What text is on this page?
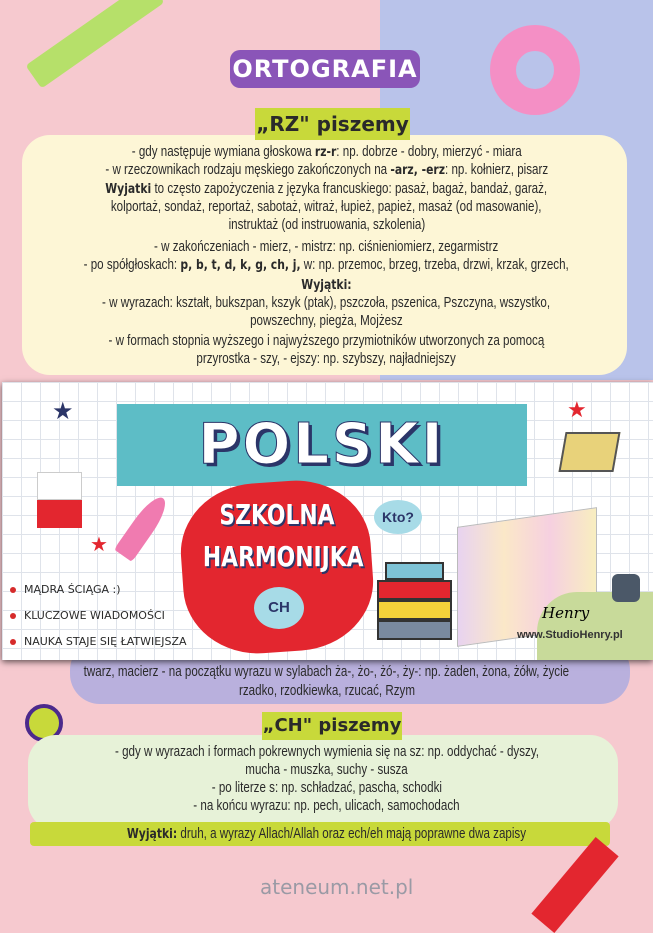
ORTOGRAFIA
„RZ" piszemy
- gdy następuje wymiana głoskowa rz-r: np. dobrze - dobry, mierzyć - miara
- w rzeczownikach rodzaju męskiego zakończonych na -arz, -erz: np. kołnierz, pisarz
Wyjatki to często zapożyczenia z języka francuskiego: pasaż, bagaż, bandaż, garaż,
kolportaż, sondaż, reportaż, sabotaż, witraż, łupież, papież, masaż (od masowanie),
instruktaż (od instruowania, szkolenia)
- w zakończeniach - mierz, - mistrz: np. ciśnieniomierz, zegarmistrz
- po spółgłoskach: p, b, t, d, k, g, ch, j, w: np. przemoc, brzeg, trzeba, drzwi, krzak, grzech,
Wyjątki:
- w wyrazach: kształt, bukszpan, kszyk (ptak), pszczoła, pszenica, Pszczyna, wszystko,
powszechny, piegża, Mojżesz
- w formach stopnia wyższego i najwyższego przymiotników utworzonych za pomocą
przyrostka - szy, - ejszy: np. szybszy, najładniejszy
twarz, macierz - na początku wyrazu w sylabach ża-, żo-, żó-, ży-: np. żaden, żona, żółw, życie
rzadko, rzodkiewka, rzucać, Rzym
POLSKI
SZKOLNA
HARMONIJKA
Kto?
CH	Henry
www.StudioHenry.pl
MĄDRA ŚCIĄGA :)
KLUCZOWE WIADOMOŚCI
NAUKA STAJE SIĘ ŁATWIEJSZA
★	★
★
„CH" piszemy
- gdy w wyrazach i formach pokrewnych wymienia się na sz: np. oddychać - dyszy,
mucha - muszka, suchy - susza
- po literze s: np. schładzać, pascha, schodki
- na końcu wyrazu: np. pech, ulicach, samochodach
Wyjątki: druh, a wyrazy Allach/Allah oraz ech/eh mają poprawne dwa zapisy
ateneum.net.pl
